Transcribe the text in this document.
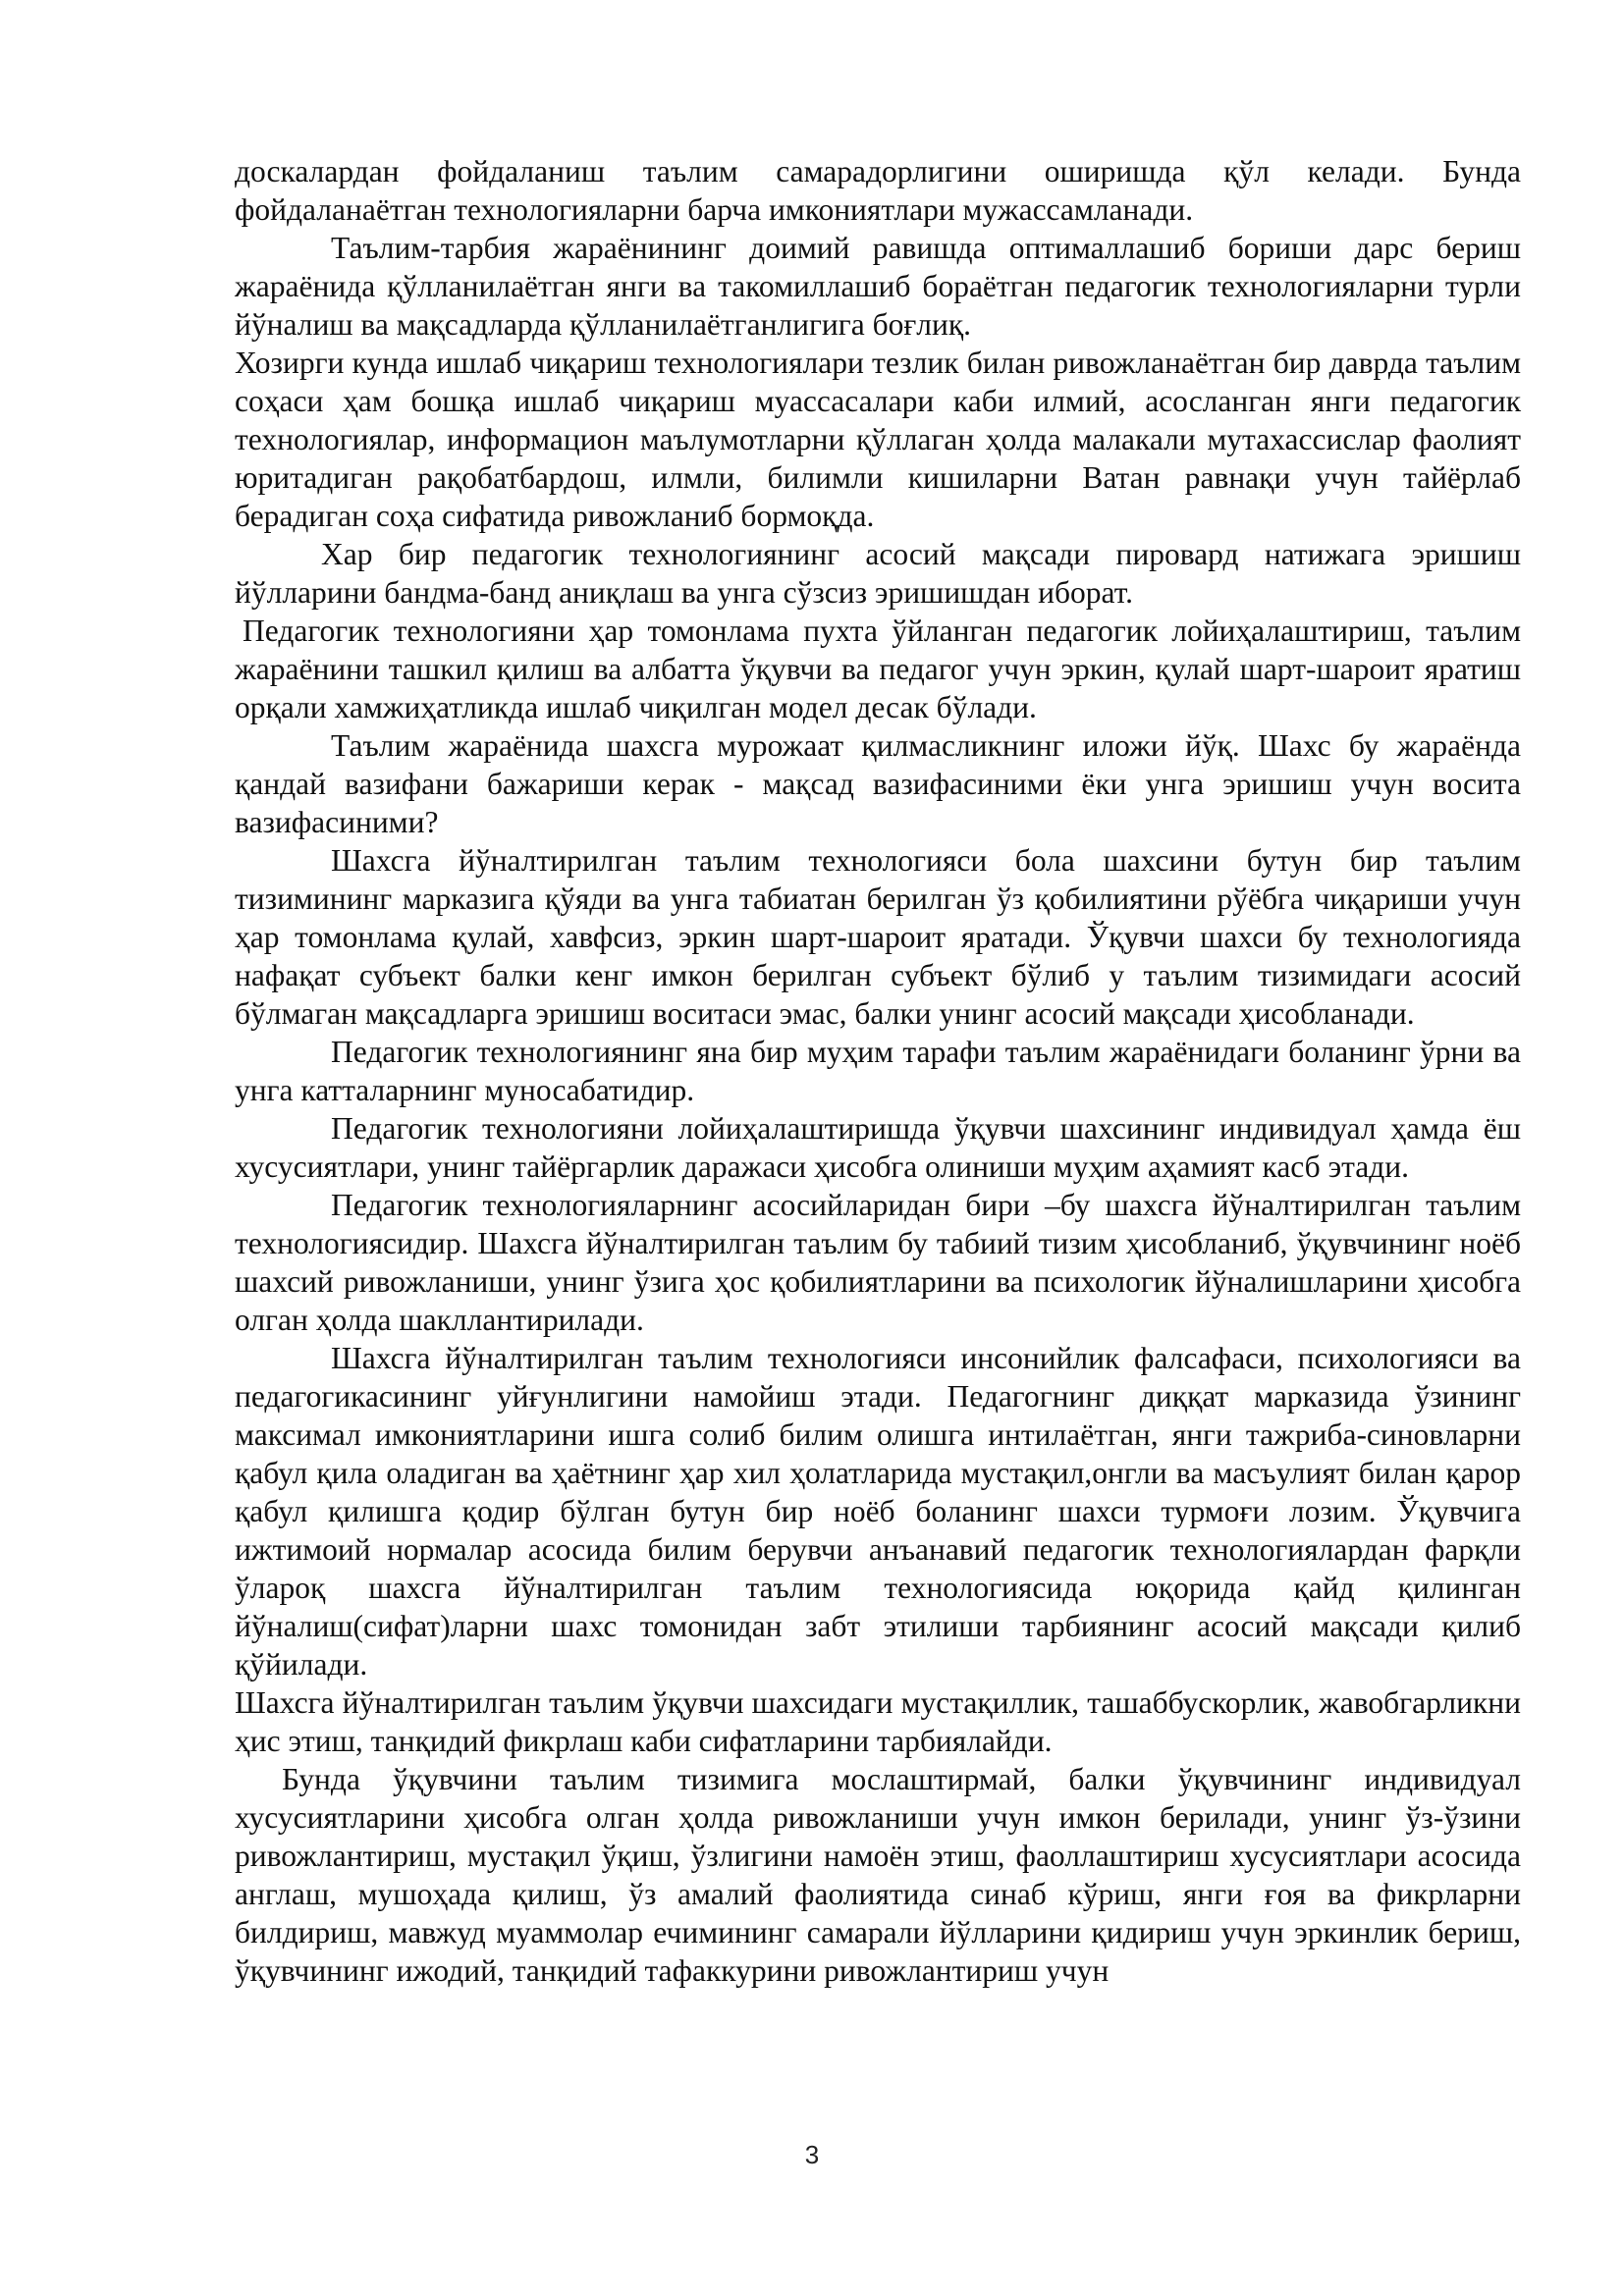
доскалардан фойдаланиш таълим самарадорлигини оширишда қўл келади. Бунда фойдаланаётган технологияларни барча имкониятлари мужассамланади.

Таълим-тарбия жараёнининг доимий равишда оптималлашиб бориши дарс бериш жараёнида қўлланилаётган янги ва такомиллашиб бораётган педагогик технологияларни турли йўналиш ва мақсадларда қўлланилаётганлигига боғлиқ.

Хозирги кунда ишлаб чиқариш технологиялари тезлик билан ривожланаётган бир даврда таълим соҳаси ҳам бошқа ишлаб чиқариш муассасалари каби илмий, асосланган янги педагогик технологиялар, информацион маълумотларни қўллаган ҳолда малакали мутахассислар фаолият юритадиган рақобатбардош, илмли, билимли кишиларни Ватан равнақи учун тайёрлаб берадиган соҳа сифатида ривожланиб бормоқда.

Хар бир педагогик технологиянинг асосий мақсади пировард натижага эришиш йўлларини бандма-банд аниқлаш ва унга сўзсиз эришишдан иборат.

Педагогик технологияни ҳар томонлама пухта ўйланган педагогик лойиҳалаштириш, таълим жараёнини ташкил қилиш ва албатта ўқувчи ва педагог учун эркин, қулай шарт-шароит яратиш орқали хамжиҳатликда ишлаб чиқилган модел десак бўлади.

Таълим жараёнида шахсга мурожаат қилмасликнинг иложи йўқ. Шахс бу жараёнда қандай вазифани бажариши керак - мақсад вазифасиними ёки унга эришиш учун восита вазифасиними?

Шахсга йўналтирилган таълим технологияси бола шахсини бутун бир таълим тизимининг марказига қўяди ва унга табиатан берилган ўз қобилиятини рўёбга чиқариши учун ҳар томонлама қулай, хавфсиз, эркин шарт-шароит яратади. Ўқувчи шахси бу технологияда нафақат субъект балки кенг имкон берилган субъект бўлиб у таълим тизимидаги асосий бўлмаган мақсадларга эришиш воситаси эмас, балки унинг асосий мақсади ҳисобланади.

Педагогик технологиянинг яна бир муҳим тарафи таълим жараёнидаги боланинг ўрни ва унга катталарнинг муносабатидир.

Педагогик технологияни лойиҳалаштиришда ўқувчи шахсининг индивидуал ҳамда ёш хусусиятлари, унинг тайёргарлик даражаси ҳисобга олиниши муҳим аҳамият касб этади.

Педагогик технологияларнинг асосийларидан бири –бу шахсга йўналтирилган таълим технологиясидир. Шахсга йўналтирилган таълим бу табиий тизим ҳисобланиб, ўқувчининг ноёб шахсий ривожланиши, унинг ўзига ҳос қобилиятларини ва психологик йўналишларини ҳисобга олган ҳолда шакллантирилади.

Шахсга йўналтирилган таълим технологияси инсонийлик фалсафаси, психологияси ва педагогикасининг уйғунлигини намойиш этади. Педагогнинг диққат марказида ўзининг максимал имкониятларини ишга солиб билим олишга интилаётган, янги тажриба-синовларни қабул қила оладиган ва ҳаётнинг ҳар хил ҳолатларида мустақил,онгли ва масъулият билан қарор қабул қилишга қодир бўлган бутун бир ноёб боланинг шахси турмоғи лозим. Ўқувчига ижтимоий нормалар асосида билим берувчи анъанавий педагогик технологиялардан фарқли ўлароқ шахсга йўналтирилган таълим технологиясида юқорида қайд қилинган йўналиш(сифат)ларни шахс томонидан забт этилиши тарбиянинг асосий мақсади қилиб қўйилади.

Шахсга йўналтирилган таълим ўқувчи шахсидаги мустақиллик, ташаббускорлик, жавобгарликни ҳис этиш, танқидий фикрлаш каби сифатларини тарбиялайди.

Бунда ўқувчини таълим тизимига мослаштирмай, балки ўқувчининг индивидуал хусусиятларини ҳисобга олган ҳолда ривожланиши учун имкон берилади, унинг ўз-ўзини ривожлантириш, мустақил ўқиш, ўзлигини намоён этиш, фаоллаштириш хусусиятлари асосида англаш, мушоҳада қилиш, ўз амалий фаолиятида синаб кўриш, янги ғоя ва фикрларни билдириш, мавжуд муаммолар ечимининг самарали йўлларини қидириш учун эркинлик бериш, ўқувчининг ижодий, танқидий тафаккурини ривожлантириш учун

3
